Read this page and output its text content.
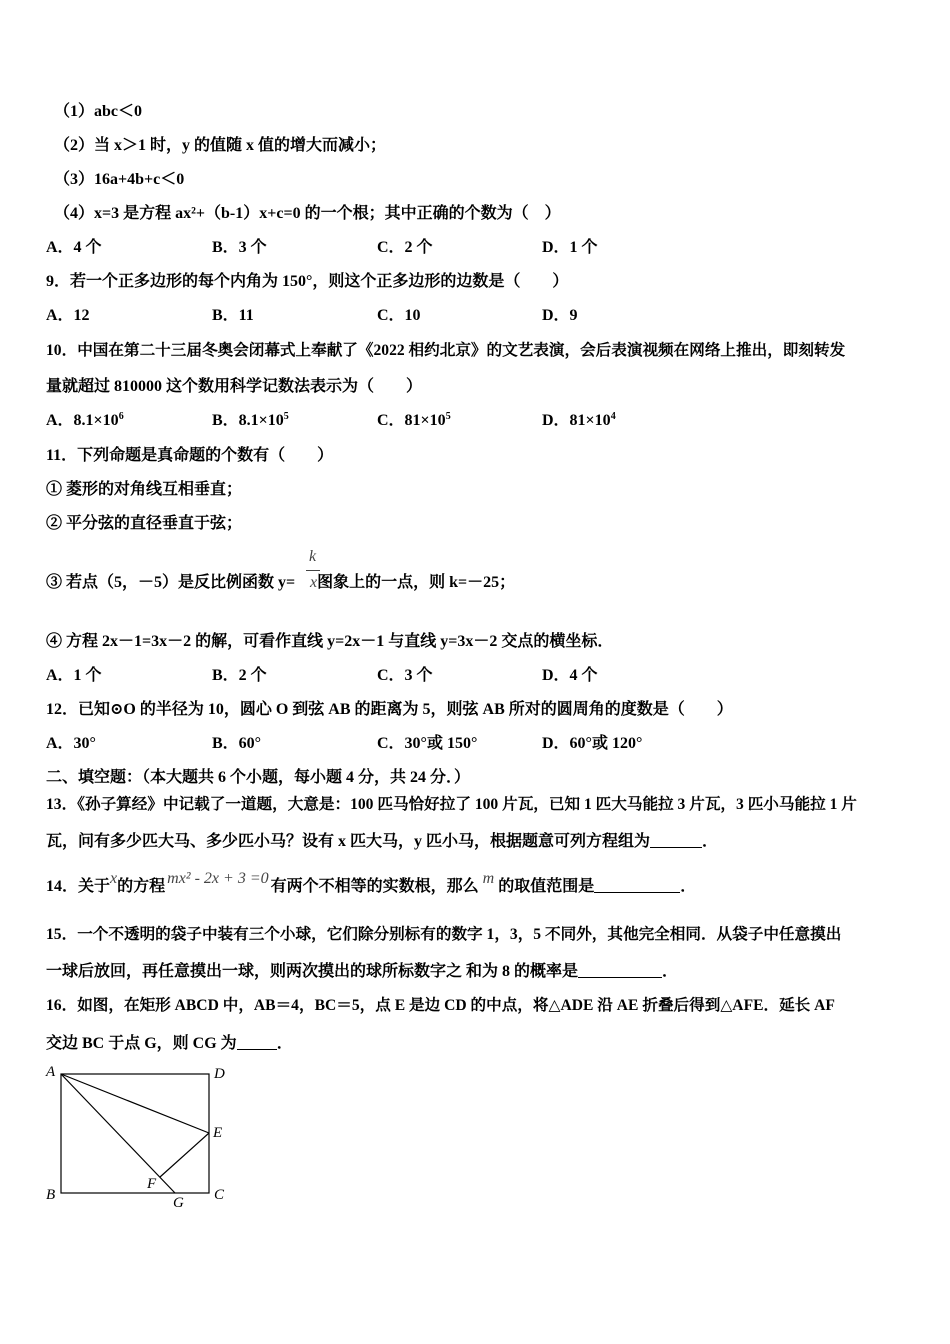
（1）abc＜0
（2）当 x＞1 时，y 的值随 x 值的增大而减小；
（3）16a+4b+c＜0
（4）x=3 是方程 ax²+（b-1）x+c=0 的一个根；其中正确的个数为（　）
A．4 个	B．3 个	C．2 个	D．1 个
9．若一个正多边形的每个内角为 150°，则这个正多边形的边数是（　　）
A．12	B．11	C．10	D．9
10．中国在第二十三届冬奥会闭幕式上奉献了《2022 相约北京》的文艺表演，会后表演视频在网络上推出，即刻转发
量就超过 810000 这个数用科学记数法表示为（　　）
A．$8.1\times 10^6$	B．$8.1\times 10^5$	C．$81\times 10^5$	D．$81\times 10^4$
11．下列命题是真命题的个数有（　　）
① 菱形的对角线互相垂直；
② 平分弦的直径垂直于弦；
③ 若点（5，－5）是反比例函数 y= 图象上的一点，则 k=－25；
k
x
④ 方程 2x－1=3x－2 的解，可看作直线 y=2x－1 与直线 y=3x－2 交点的横坐标．
A．1 个	B．2 个	C．3 个	D．4 个
12．已知⊙O 的半径为 10，圆心 O 到弦 AB 的距离为 5，则弦 AB 所对的圆周角的度数是（　　）
A．30°	B．60°	C．30°或 150°	D．60°或 120°
二、填空题：（本大题共 6 个小题，每小题 4 分，共 24 分．）
13．《孙子算经》中记载了一道题，大意是：100 匹马恰好拉了 100 片瓦，已知 1 匹大马能拉 3 片瓦，3 匹小马能拉 1 片
瓦，问有多少匹大马、多少匹小马？设有 x 匹大马，y 匹小马，根据题意可列方程组为	．
14．关于x的方程 mx² - 2x + 3 =0 有两个不相等的实数根，那么 m 的取值范围是	．
15．一个不透明的袋子中装有三个小球，它们除分别标有的数字 1，3，5 不同外，其他完全相同．从袋子中任意摸出
一球后放回，再任意摸出一球，则两次摸出的球所标数字之 和为 8 的概率是	．
16．如图，在矩形 ABCD 中，AB＝4，BC＝5，点 E 是边 CD 的中点，将△ADE 沿 AE 折叠后得到△AFE．延长 AF
交边 BC 于点 G，则 CG 为	．
A	D
E
B
F
G C
